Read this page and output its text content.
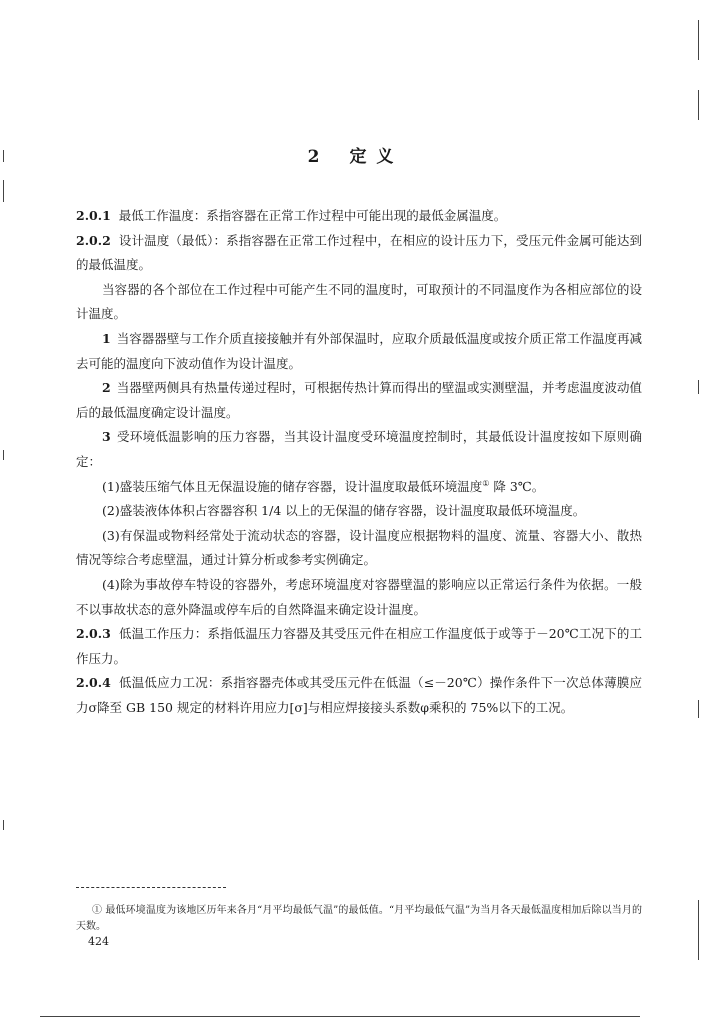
2 定 义

2.0.1 最低工作温度：系指容器在正常工作过程中可能出现的最低金属温度。

2.0.2 设计温度（最低）：系指容器在正常工作过程中，在相应的设计压力下，受压元件金属可能达到的最低温度。

当容器的各个部位在工作过程中可能产生不同的温度时，可取预计的不同温度作为各相应部位的设计温度。

1 当容器器壁与工作介质直接接触并有外部保温时，应取介质最低温度或按介质正常工作温度再减去可能的温度向下波动值作为设计温度。

2 当器壁两侧具有热量传递过程时，可根据传热计算而得出的壁温或实测壁温，并考虑温度波动值后的最低温度确定设计温度。

3 受环境低温影响的压力容器，当其设计温度受环境温度控制时，其最低设计温度按如下原则确定：

(1)盛装压缩气体且无保温设施的储存容器，设计温度取最低环境温度① 降 3℃。

(2)盛装液体体积占容器容积 1/4 以上的无保温的储存容器，设计温度取最低环境温度。

(3)有保温或物料经常处于流动状态的容器，设计温度应根据物料的温度、流量、容器大小、散热情况等综合考虑壁温，通过计算分析或参考实例确定。

(4)除为事故停车特设的容器外，考虑环境温度对容器壁温的影响应以正常运行条件为依据。一般不以事故状态的意外降温或停车后的自然降温来确定设计温度。

2.0.3 低温工作压力：系指低温压力容器及其受压元件在相应工作温度低于或等于－20℃工况下的工作压力。

2.0.4 低温低应力工况：系指容器壳体或其受压元件在低温（≤－20℃）操作条件下一次总体薄膜应力σ降至 GB 150 规定的材料许用应力[σ]与相应焊接接头系数φ乘积的 75%以下的工况。

① 最低环境温度为该地区历年来各月“月平均最低气温”的最低值。“月平均最低气温”为当月各天最低温度相加后除以当月的天数。
424
